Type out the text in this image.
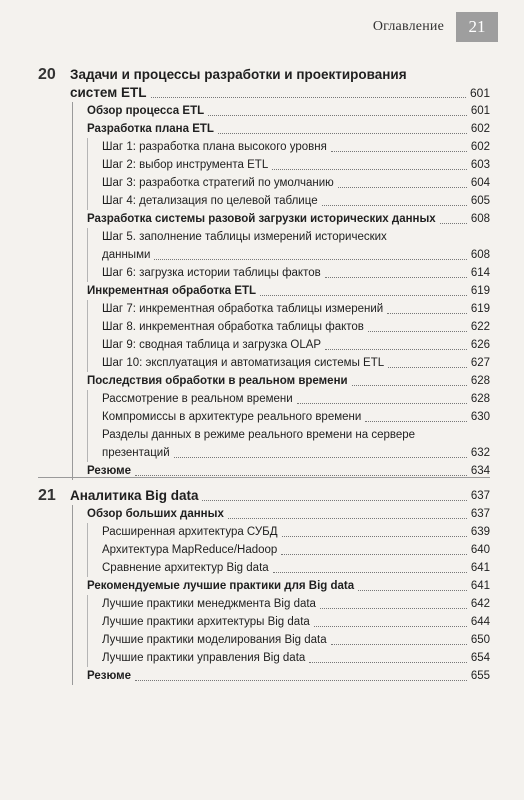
Оглавление	21
20	Задачи и процессы разработки и проектирования
систем ETL	601
Обзор процесса ETL	601
Разработка плана ETL	602
Шаг 1: разработка плана высокого уровня	602
Шаг 2: выбор инструмента ETL	603
Шаг 3: разработка стратегий по умолчанию	604
Шаг 4: детализация по целевой таблице	605
Разработка системы разовой загрузки исторических данных	608
Шаг 5. заполнение таблицы измерений исторических
данными	608
Шаг 6: загрузка истории таблицы фактов	614
Инкрементная обработка ETL	619
Шаг 7: инкрементная обработка таблицы измерений	619
Шаг 8. инкрементная обработка таблицы фактов	622
Шаг 9: сводная таблица и загрузка OLAP	626
Шаг 10: эксплуатация и автоматизация системы ETL	627
Последствия обработки в реальном времени	628
Рассмотрение в реальном времени	628
Компромиссы в архитектуре реального времени	630
Разделы данных в режиме реального времени на сервере
презентаций	632
Резюме	634
21	Аналитика Big data	637
Обзор больших данных	637
Расширенная архитектура СУБД	639
Архитектура MapReduce/Hadoop	640
Сравнение архитектур Big data	641
Рекомендуемые лучшие практики для Big data	641
Лучшие практики менеджмента Big data	642
Лучшие практики архитектуры Big data	644
Лучшие практики моделирования Big data	650
Лучшие практики управления Big data	654
Резюме	655
